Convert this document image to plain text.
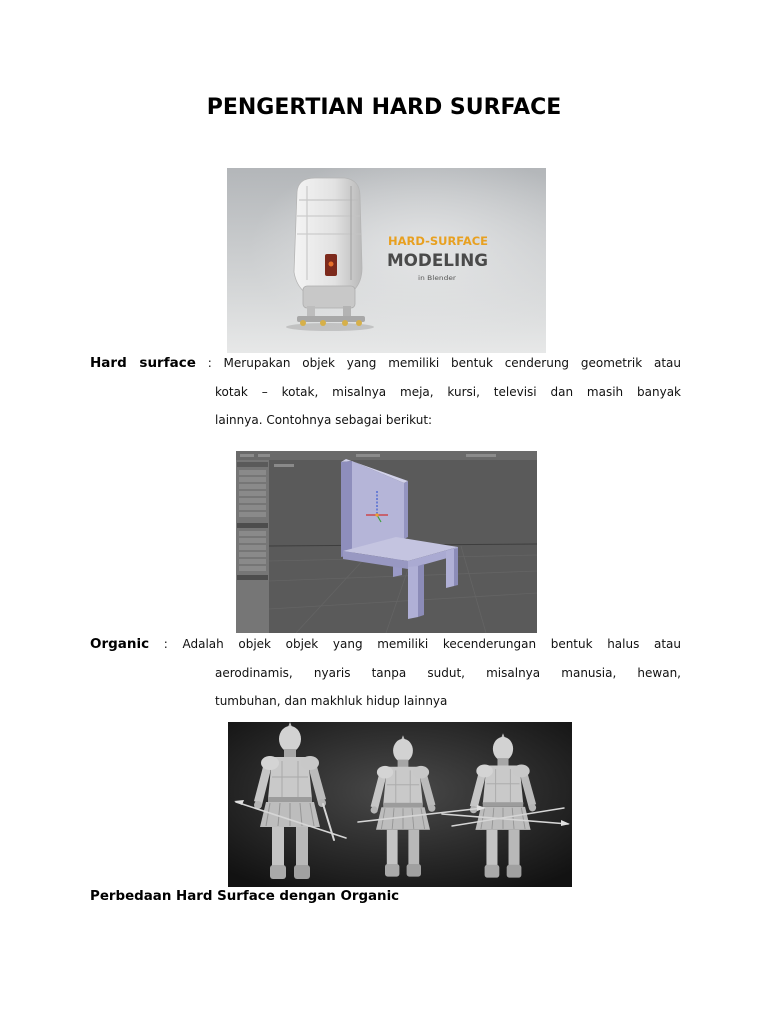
PENGERTIAN HARD SURFACE
HARD-SURFACE
MODELING
in Blender
Hard surface : Merupakan objek yang memiliki bentuk cenderung geometrik atau
kotak – kotak, misalnya meja, kursi, televisi dan masih banyak
lainnya. Contohnya sebagai berikut:
Organic : Adalah objek objek yang memiliki kecenderungan bentuk halus atau
aerodinamis, nyaris tanpa sudut, misalnya manusia, hewan,
tumbuhan, dan makhluk hidup lainnya
Perbedaan Hard Surface dengan Organic
